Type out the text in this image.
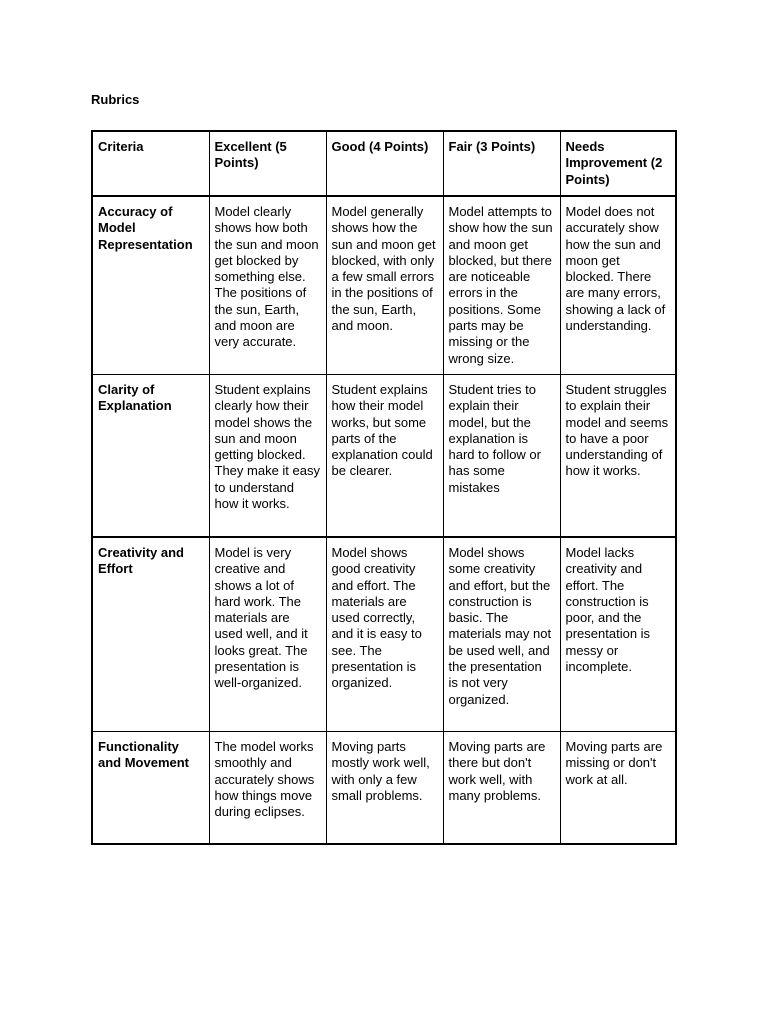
Rubrics
Criteria	Excellent (5 Points)	Good (4 Points)	Fair (3 Points)	Needs Improvement (2 Points)
Accuracy of Model Representation	Model clearly shows how both the sun and moon get blocked by something else. The positions of the sun, Earth, and moon are very accurate.	Model generally shows how the sun and moon get blocked, with only a few small errors in the positions of the sun, Earth, and moon.	Model attempts to show how the sun and moon get blocked, but there are noticeable errors in the positions. Some parts may be missing or the wrong size.	Model does not accurately show how the sun and moon get blocked. There are many errors, showing a lack of understanding.
Clarity of Explanation	Student explains clearly how their model shows the sun and moon getting blocked. They make it easy to understand how it works.	Student explains how their model works, but some parts of the explanation could be clearer.	Student tries to explain their model, but the explanation is hard to follow or has some mistakes	Student struggles to explain their model and seems to have a poor understanding of how it works.
Creativity and Effort	Model is very creative and shows a lot of hard work. The materials are used well, and it looks great. The presentation is well-organized.	Model shows good creativity and effort. The materials are used correctly, and it is easy to see. The presentation is organized.	Model shows some creativity and effort, but the construction is basic. The materials may not be used well, and the presentation is not very organized.	Model lacks creativity and effort. The construction is poor, and the presentation is messy or incomplete.
Functionality and Movement	The model works smoothly and accurately shows how things move during eclipses.	Moving parts mostly work well, with only a few small problems.	Moving parts are there but don't work well, with many problems.	Moving parts are missing or don't work at all.
